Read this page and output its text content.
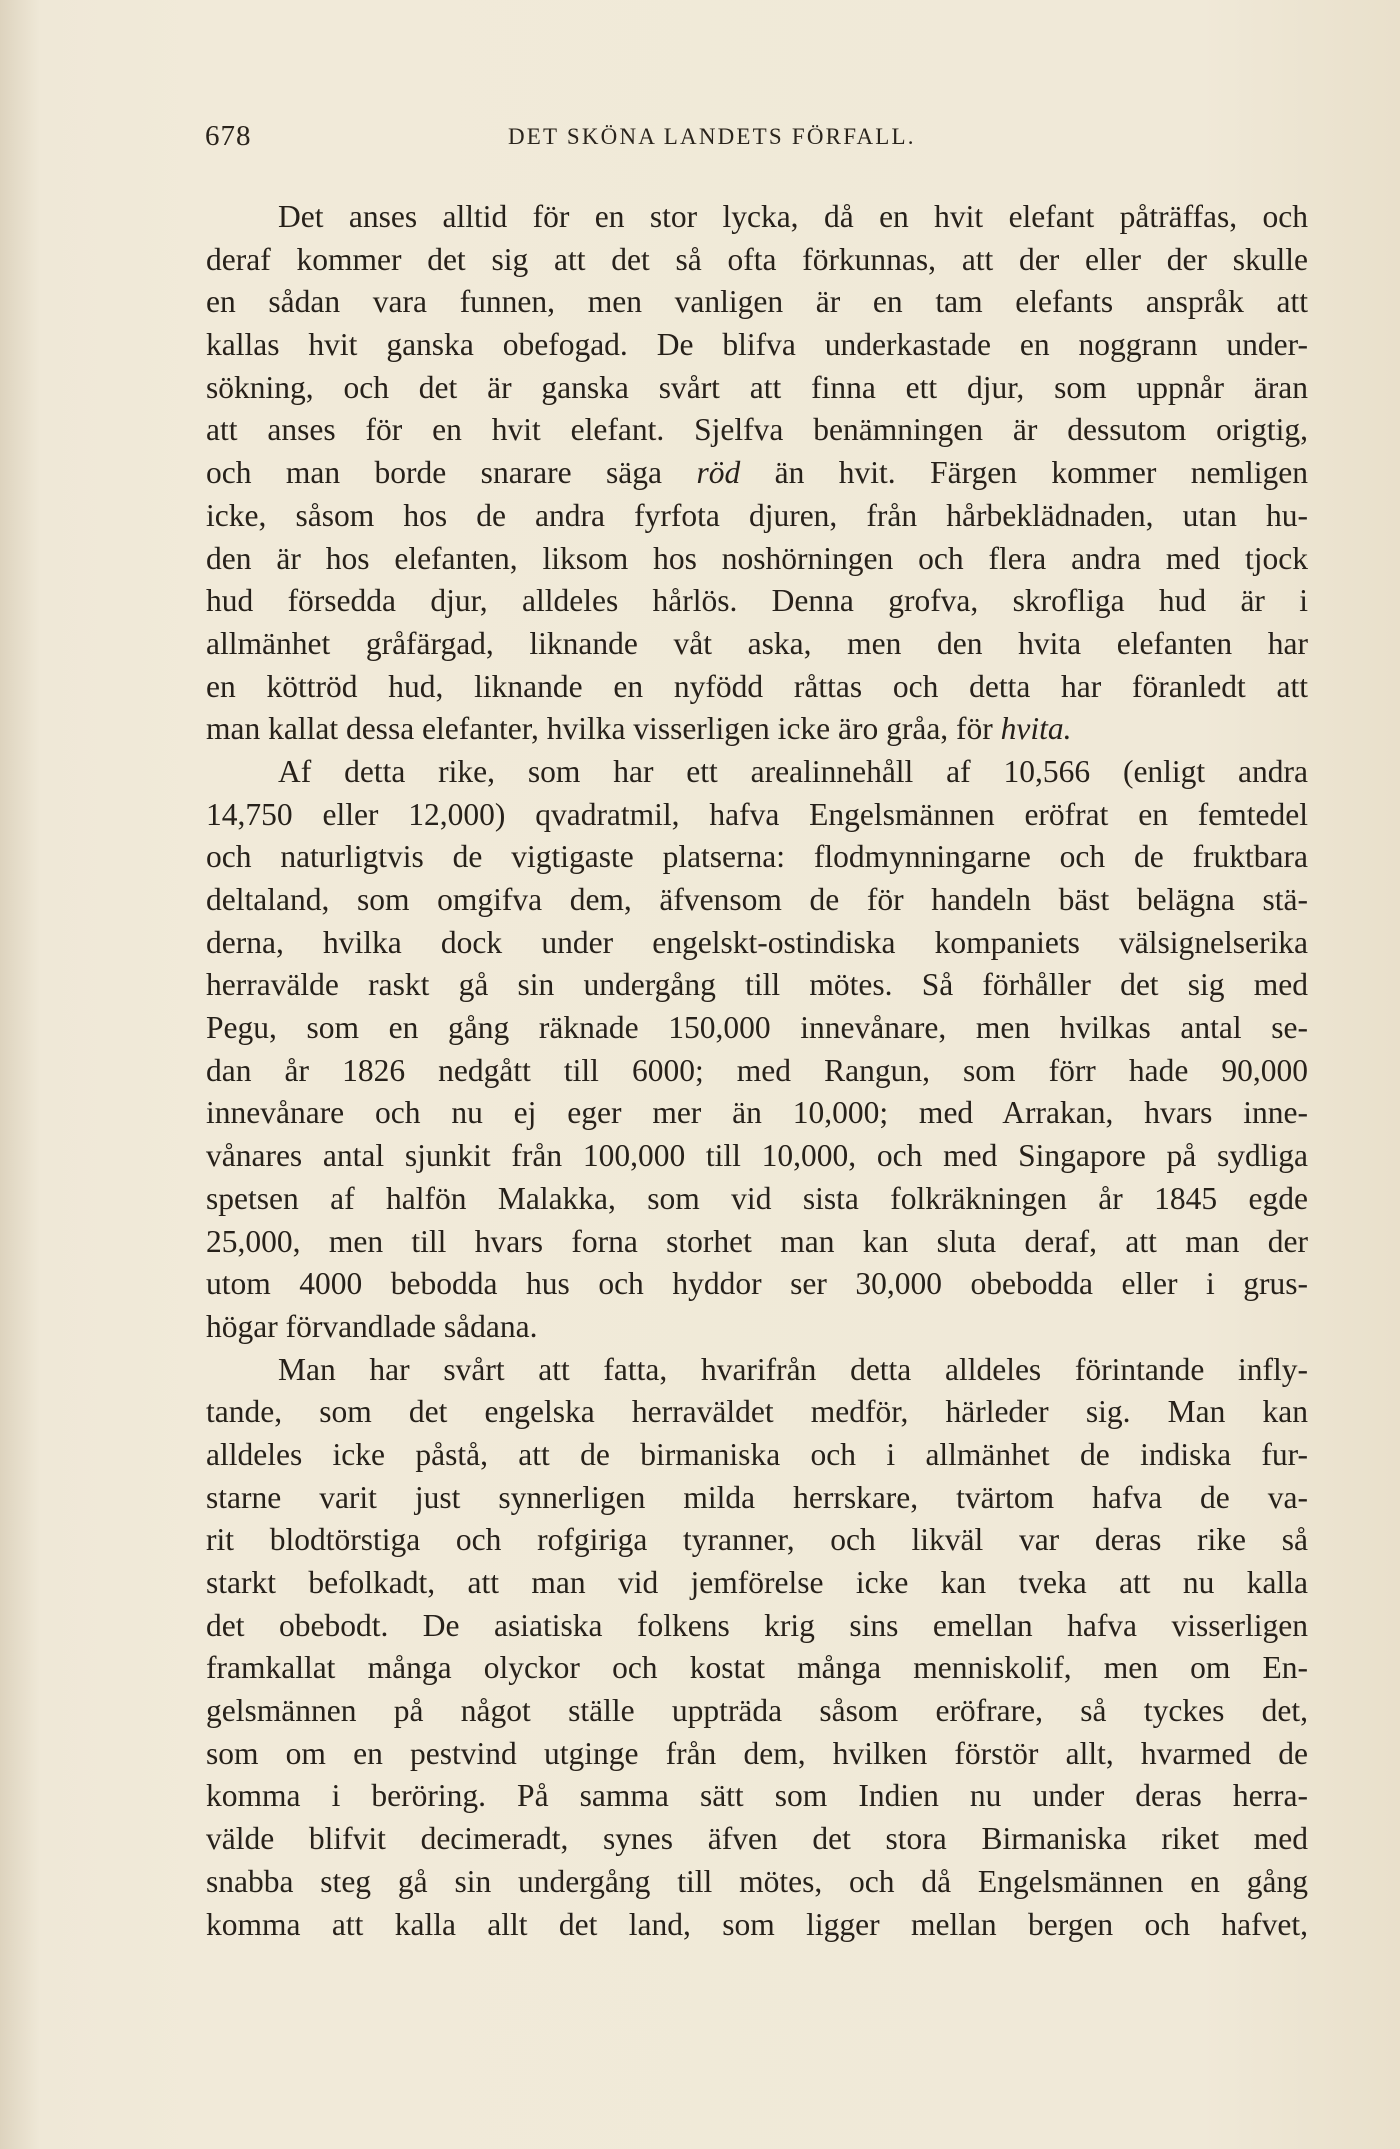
678	DET SKÖNA LANDETS FÖRFALL.
Det anses alltid för en stor lycka, då en hvit elefant påträffas, och
deraf kommer det sig att det så ofta förkunnas, att der eller der skulle
en sådan vara funnen, men vanligen är en tam elefants anspråk att
kallas hvit ganska obefogad. De blifva underkastade en noggrann under-
sökning, och det är ganska svårt att finna ett djur, som uppnår äran
att anses för en hvit elefant. Sjelfva benämningen är dessutom origtig,
och man borde snarare säga röd än hvit. Färgen kommer nemligen
icke, såsom hos de andra fyrfota djuren, från hårbeklädnaden, utan hu-
den är hos elefanten, liksom hos noshörningen och flera andra med tjock
hud försedda djur, alldeles hårlös. Denna grofva, skrofliga hud är i
allmänhet gråfärgad, liknande våt aska, men den hvita elefanten har
en köttröd hud, liknande en nyfödd råttas och detta har föranledt att
man kallat dessa elefanter, hvilka visserligen icke äro gråa, för hvita.
Af detta rike, som har ett arealinnehåll af 10,566 (enligt andra
14,750 eller 12,000) qvadratmil, hafva Engelsmännen eröfrat en femtedel
och naturligtvis de vigtigaste platserna: flodmynningarne och de fruktbara
deltaland, som omgifva dem, äfvensom de för handeln bäst belägna stä-
derna, hvilka dock under engelskt-ostindiska kompaniets välsignelserika
herravälde raskt gå sin undergång till mötes. Så förhåller det sig med
Pegu, som en gång räknade 150,000 innevånare, men hvilkas antal se-
dan år 1826 nedgått till 6000; med Rangun, som förr hade 90,000
innevånare och nu ej eger mer än 10,000; med Arrakan, hvars inne-
vånares antal sjunkit från 100,000 till 10,000, och med Singapore på sydliga
spetsen af halfön Malakka, som vid sista folkräkningen år 1845 egde
25,000, men till hvars forna storhet man kan sluta deraf, att man der
utom 4000 bebodda hus och hyddor ser 30,000 obebodda eller i grus-
högar förvandlade sådana.
Man har svårt att fatta, hvarifrån detta alldeles förintande infly-
tande, som det engelska herraväldet medför, härleder sig. Man kan
alldeles icke påstå, att de birmaniska och i allmänhet de indiska fur-
starne varit just synnerligen milda herrskare, tvärtom hafva de va-
rit blodtörstiga och rofgiriga tyranner, och likväl var deras rike så
starkt befolkadt, att man vid jemförelse icke kan tveka att nu kalla
det obebodt. De asiatiska folkens krig sins emellan hafva visserligen
framkallat många olyckor och kostat många menniskolif, men om En-
gelsmännen på något ställe uppträda såsom eröfrare, så tyckes det,
som om en pestvind utginge från dem, hvilken förstör allt, hvarmed de
komma i beröring. På samma sätt som Indien nu under deras herra-
välde blifvit decimeradt, synes äfven det stora Birmaniska riket med
snabba steg gå sin undergång till mötes, och då Engelsmännen en gång
komma att kalla allt det land, som ligger mellan bergen och hafvet,
